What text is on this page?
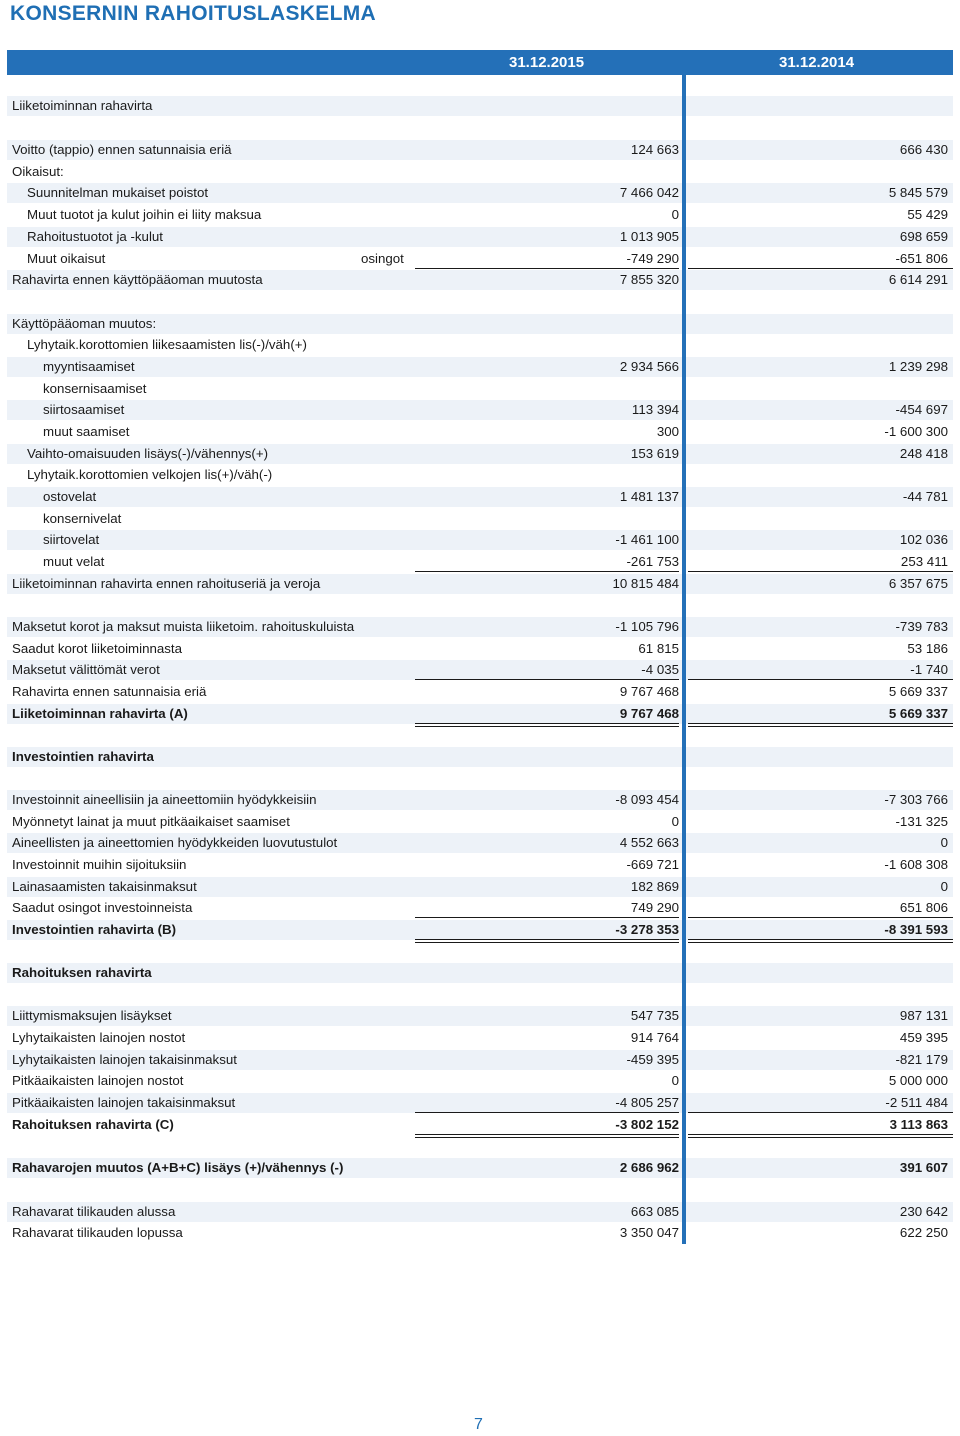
KONSERNIN RAHOITUSLASKELMA
31.12.2015	31.12.2014
Liiketoiminnan rahavirta
Voitto (tappio) ennen satunnaisia eriä	124 663	666 430
Oikaisut:
Suunnitelman mukaiset poistot	7 466 042	5 845 579
Muut tuotot ja kulut joihin ei liity maksua	0	55 429
Rahoitustuotot ja -kulut	1 013 905	698 659
Muut oikaisut	osingot	-749 290	-651 806
Rahavirta ennen käyttöpääoman muutosta	7 855 320	6 614 291
Käyttöpääoman muutos:
Lyhytaik.korottomien liikesaamisten lis(-)/väh(+)
myyntisaamiset	2 934 566	1 239 298
konsernisaamiset
siirtosaamiset	113 394	-454 697
muut saamiset	300	-1 600 300
Vaihto-omaisuuden lisäys(-)/vähennys(+)	153 619	248 418
Lyhytaik.korottomien velkojen lis(+)/väh(-)
ostovelat	1 481 137	-44 781
konsernivelat
siirtovelat	-1 461 100	102 036
muut velat	-261 753	253 411
Liiketoiminnan rahavirta ennen rahoituseriä ja veroja	10 815 484	6 357 675
Maksetut korot ja maksut muista liiketoim. rahoituskuluista	-1 105 796	-739 783
Saadut korot liiketoiminnasta	61 815	53 186
Maksetut välittömät verot	-4 035	-1 740
Rahavirta ennen satunnaisia eriä	9 767 468	5 669 337
Liiketoiminnan rahavirta (A)	9 767 468	5 669 337
Investointien rahavirta
Investoinnit aineellisiin ja aineettomiin hyödykkeisiin	-8 093 454	-7 303 766
Myönnetyt lainat ja muut pitkäaikaiset saamiset	0	-131 325
Aineellisten ja aineettomien hyödykkeiden luovutustulot	4 552 663	0
Investoinnit muihin sijoituksiin	-669 721	-1 608 308
Lainasaamisten takaisinmaksut	182 869	0
Saadut osingot investoinneista	749 290	651 806
Investointien rahavirta (B)	-3 278 353	-8 391 593
Rahoituksen rahavirta
Liittymismaksujen lisäykset	547 735	987 131
Lyhytaikaisten lainojen nostot	914 764	459 395
Lyhytaikaisten lainojen takaisinmaksut	-459 395	-821 179
Pitkäaikaisten lainojen nostot	0	5 000 000
Pitkäaikaisten lainojen takaisinmaksut	-4 805 257	-2 511 484
Rahoituksen rahavirta (C)	-3 802 152	3 113 863
Rahavarojen muutos (A+B+C) lisäys (+)/vähennys (-)	2 686 962	391 607
Rahavarat tilikauden alussa	663 085	230 642
Rahavarat tilikauden lopussa	3 350 047	622 250
7
